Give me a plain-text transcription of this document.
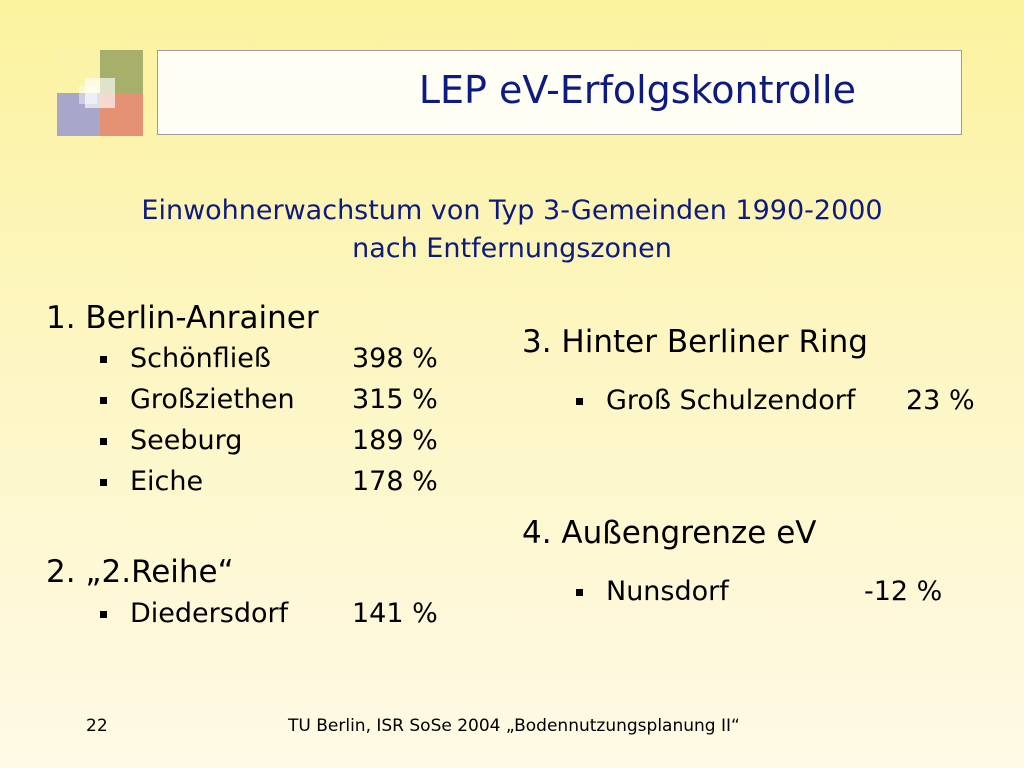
LEP eV-Erfolgskontrolle
Einwohnerwachstum von Typ 3-Gemeinden 1990-2000
nach Entfernungszonen
1. Berlin-Anrainer
Schönfließ	398 %
Großziethen 315 %
Seeburg	189 %
Eiche	178 %
2. „2.Reihe“
Diedersdorf 141 %
3. Hinter Berliner Ring
Groß Schulzendorf 23 %
4. Außengrenze eV
Nunsdorf	-12 %
22	TU Berlin, ISR SoSe 2004 „Bodennutzungsplanung II“
